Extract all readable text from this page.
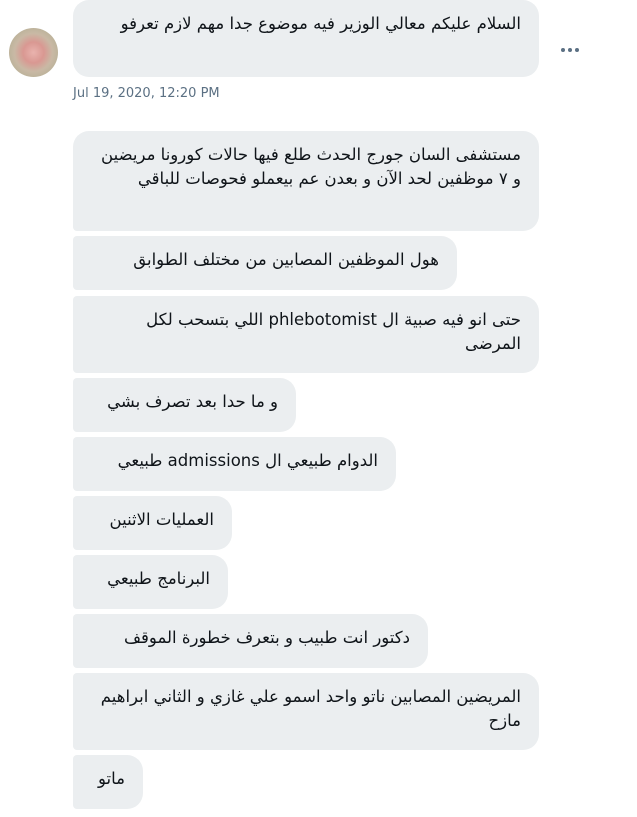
السلام عليكم معالي الوزير فيه موضوع جدا مهم لازم تعرفو
Jul 19, 2020, 12:20 PM
مستشفى السان جورج الحدث طلع فيها حالات كورونا مريضين و ٧ موظفين لحد الآن و بعدن عم بيعملو فحوصات للباقي
هول الموظفين المصابين من مختلف الطوابق
حتى انو فيه صبية ال phlebotomist اللي بتسحب لكل المرضى
و ما حدا بعد تصرف بشي
الدوام طبيعي ال admissions طبيعي
العمليات الاثنين
البرنامج طبيعي
دكتور انت طبيب و بتعرف خطورة الموقف
المريضين المصابين ناتو واحد اسمو علي غازي و الثاني ابراهيم مازح
ماتو
